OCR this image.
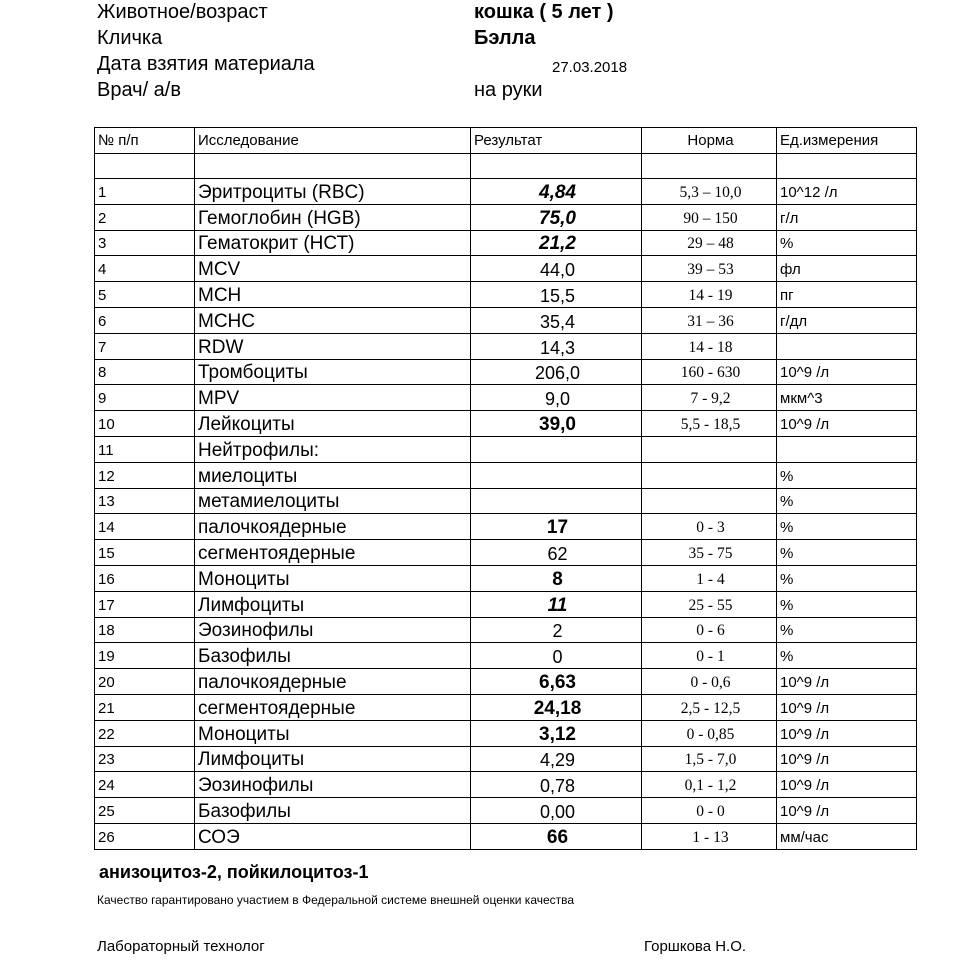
Животное/возраст	кошка ( 5 лет )
Кличка	Бэлла
Дата взятия материала	27.03.2018
Врач/ а/в	на руки
№ п/п	Исследование	Результат	Норма	Ед.измерения

1	Эритроциты (RBC)	4,84	5,3 – 10,0	10^12 /л
2	Гемоглобин (HGB)	75,0	90 – 150	г/л
3	Гематокрит (НСТ)	21,2	29 – 48	%
4	MCV	44,0	39 – 53	фл
5	MCH	15,5	14 - 19	пг
6	MCHC	35,4	31 – 36	г/дл
7	RDW	14,3	14 - 18	
8	Тромбоциты	206,0	160 - 630	10^9 /л
9	MPV	9,0	7 - 9,2	мкм^3
10	Лейкоциты	39,0	5,5 - 18,5	10^9 /л
11	Нейтрофилы:			
12	миелоциты			%
13	метамиелоциты			%
14	палочкоядерные	17	0 - 3	%
15	сегментоядерные	62	35 - 75	%
16	Моноциты	8	1 - 4	%
17	Лимфоциты	11	25 - 55	%
18	Эозинофилы	2	0 - 6	%
19	Базофилы	0	0 - 1	%
20	палочкоядерные	6,63	0 - 0,6	10^9 /л
21	сегментоядерные	24,18	2,5 - 12,5	10^9 /л
22	Моноциты	3,12	0 - 0,85	10^9 /л
23	Лимфоциты	4,29	1,5 - 7,0	10^9 /л
24	Эозинофилы	0,78	0,1 - 1,2	10^9 /л
25	Базофилы	0,00	0 - 0	10^9 /л
26	СОЭ	66	1 - 13	мм/час
анизоцитоз-2, пойкилоцитоз-1
Качество гарантировано участием в Федеральной системе внешней оценки качества
Лабораторный технолог	Горшкова Н.О.
